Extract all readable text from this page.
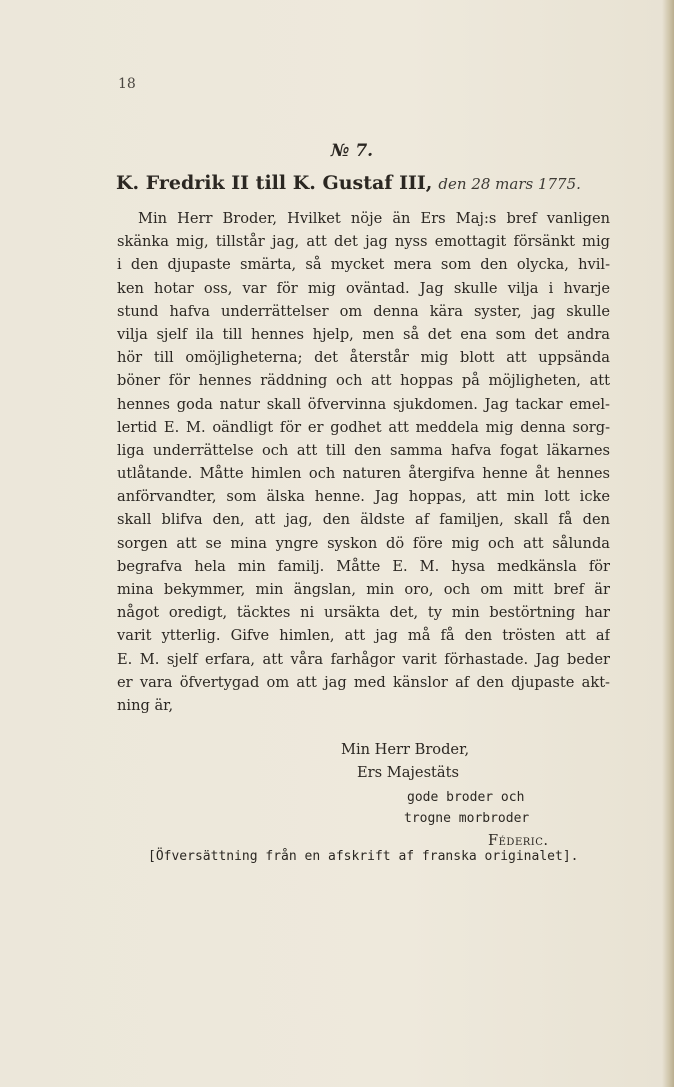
18
№ 7.
K. Fredrik II till K. Gustaf III, den 28 mars 1775.
Min Herr Broder, Hvilket nöje än Ers Maj:s bref vanligen
skänka mig, tillstår jag, att det jag nyss emottagit försänkt mig
i den djupaste smärta, så mycket mera som den olycka, hvil-
ken hotar oss, var för mig oväntad. Jag skulle vilja i hvarje
stund hafva underrättelser om denna kära syster, jag skulle
vilja sjelf ila till hennes hjelp, men så det ena som det andra
hör till omöjligheterna; det återstår mig blott att uppsända
böner för hennes räddning och att hoppas på möjligheten, att
hennes goda natur skall öfvervinna sjukdomen. Jag tackar emel-
lertid E. M. oändligt för er godhet att meddela mig denna sorg-
liga underrättelse och att till den samma hafva fogat läkarnes
utlåtande. Måtte himlen och naturen återgifva henne åt hennes
anförvandter, som älska henne. Jag hoppas, att min lott icke
skall blifva den, att jag, den äldste af familjen, skall få den
sorgen att se mina yngre syskon dö före mig och att sålunda
begrafva hela min familj. Måtte E. M. hysa medkänsla för
mina bekymmer, min ängslan, min oro, och om mitt bref är
något oredigt, täcktes ni ursäkta det, ty min bestörtning har
varit ytterlig. Gifve himlen, att jag må få den trösten att af
E. M. sjelf erfara, att våra farhågor varit förhastade. Jag beder
er vara öfvertygad om att jag med känslor af den djupaste akt-
ning är,
Min Herr Broder,
Ers Majestäts
gode broder och
trogne morbroder
Féderic.
[Öfversättning från en afskrift af franska originalet].
